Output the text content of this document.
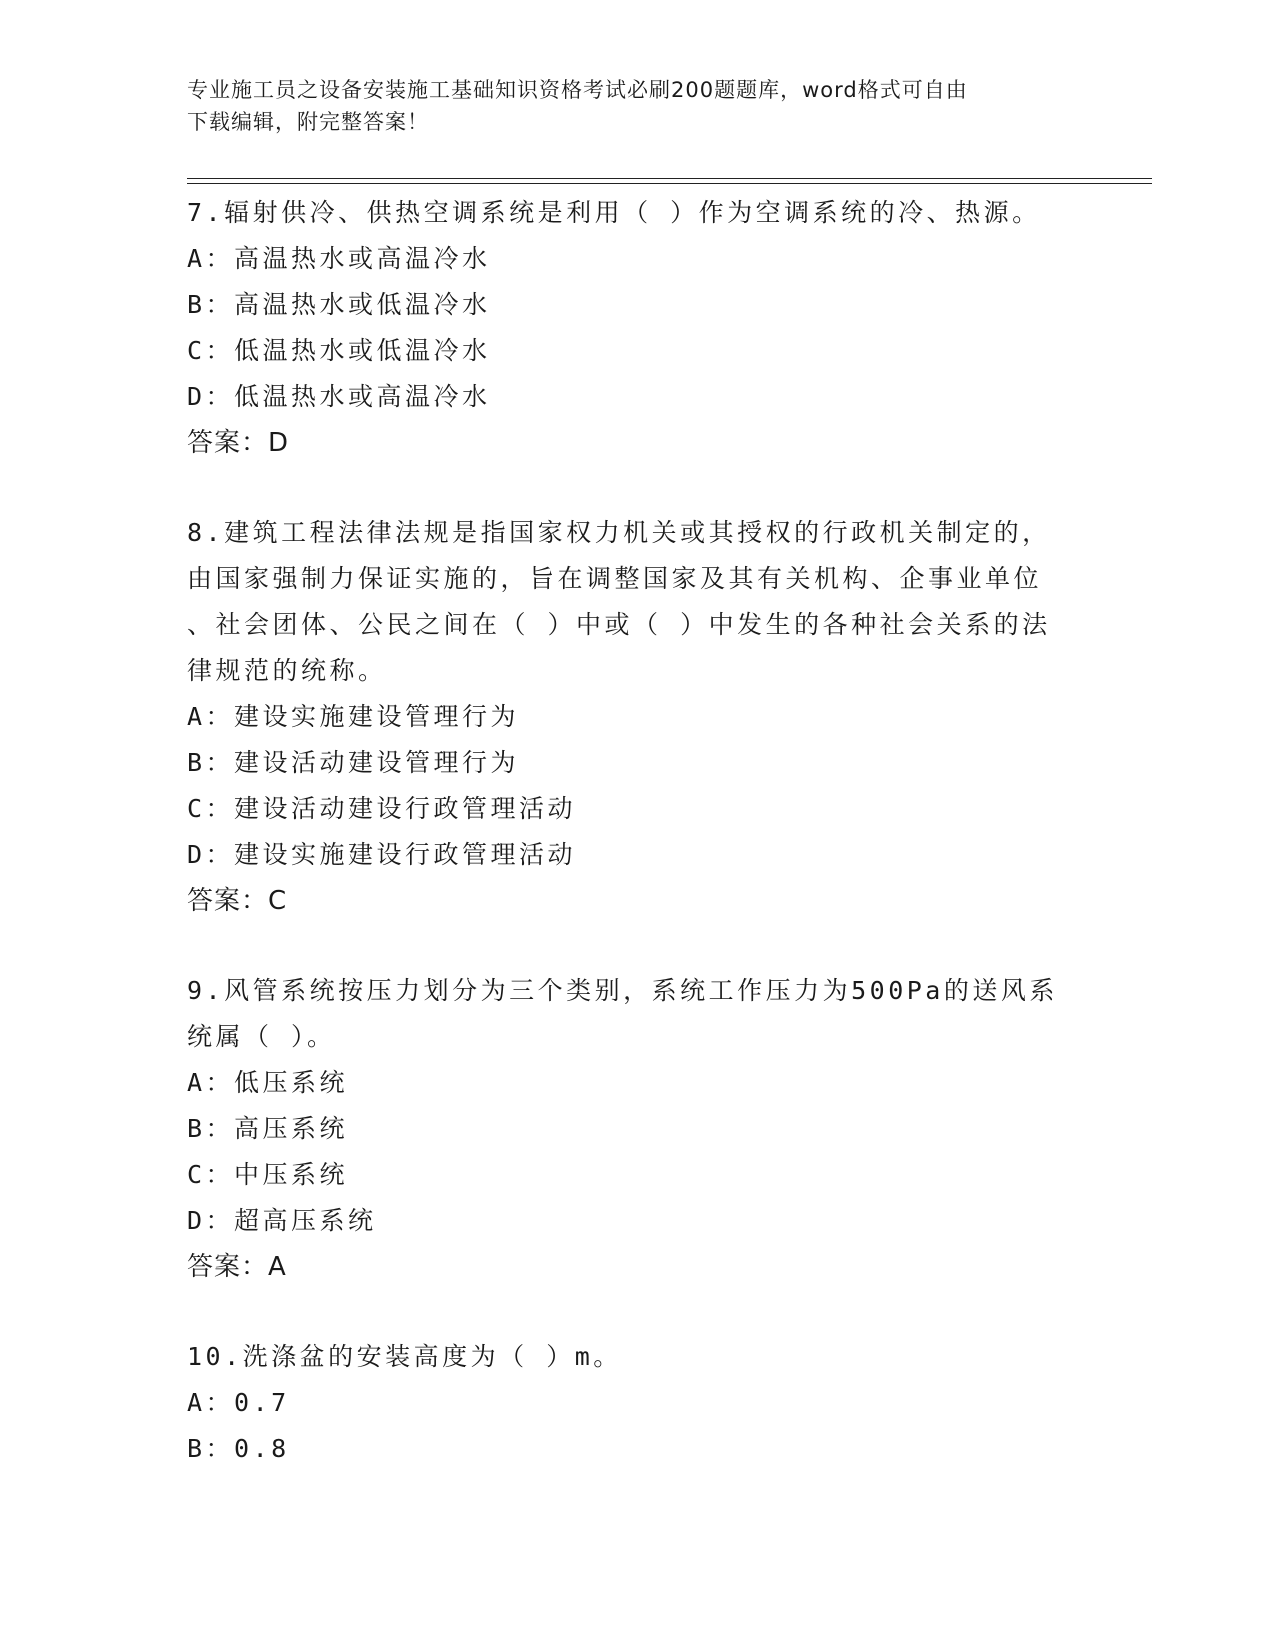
专业施工员之设备安装施工基础知识资格考试必刷200题题库，word格式可自由
下载编辑，附完整答案！
7.辐射供冷、供热空调系统是利用（ ）作为空调系统的冷、热源。
A：高温热水或高温冷水
B：高温热水或低温冷水
C：低温热水或低温冷水
D：低温热水或高温冷水
答案：D
8.建筑工程法律法规是指国家权力机关或其授权的行政机关制定的，
由国家强制力保证实施的，旨在调整国家及其有关机构、企事业单位
、社会团体、公民之间在（ ）中或（ ）中发生的各种社会关系的法
律规范的统称。
A：建设实施建设管理行为
B：建设活动建设管理行为
C：建设活动建设行政管理活动
D：建设实施建设行政管理活动
答案：C
9.风管系统按压力划分为三个类别，系统工作压力为500Pa的送风系
统属（ ）。
A：低压系统
B：高压系统
C：中压系统
D：超高压系统
答案：A
10.洗涤盆的安装高度为（ ）m。
A：0.7
B：0.8
